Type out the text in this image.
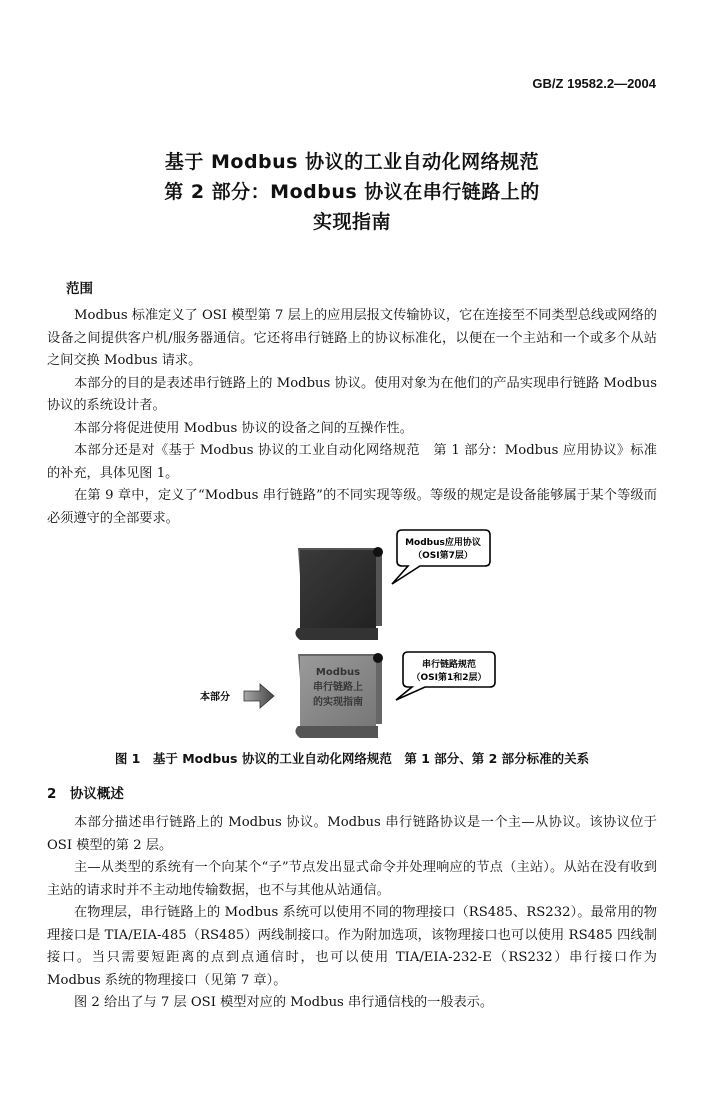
GB/Z 19582.2—2004
基于 Modbus 协议的工业自动化网络规范
第 2 部分：Modbus 协议在串行链路上的
实现指南
范围

Modbus 标准定义了 OSI 模型第 7 层上的应用层报文传输协议，它在连接至不同类型总线或网络的设备之间提供客户机/服务器通信。它还将串行链路上的协议标准化，以便在一个主站和一个或多个从站之间交换 Modbus 请求。

本部分的目的是表述串行链路上的 Modbus 协议。使用对象为在他们的产品实现串行链路 Modbus 协议的系统设计者。

本部分将促进使用 Modbus 协议的设备之间的互操作性。

本部分还是对《基于 Modbus 协议的工业自动化网络规范　第 1 部分：Modbus 应用协议》标准的补充，具体见图 1。

在第 9 章中，定义了“Modbus 串行链路”的不同实现等级。等级的规定是设备能够属于某个等级而必须遵守的全部要求。

Modbus应用协议
（OSI第7层）
Modbus
串行链路上
的实现指南
串行链路规范
（OSI第1和2层）
本部分
图 1　基于 Modbus 协议的工业自动化网络规范　第 1 部分、第 2 部分标准的关系
2　协议概述

本部分描述串行链路上的 Modbus 协议。Modbus 串行链路协议是一个主—从协议。该协议位于 OSI 模型的第 2 层。

主—从类型的系统有一个向某个“子”节点发出显式命令并处理响应的节点（主站）。从站在没有收到主站的请求时并不主动地传输数据，也不与其他从站通信。

在物理层，串行链路上的 Modbus 系统可以使用不同的物理接口（RS485、RS232）。最常用的物理接口是 TIA/EIA-485（RS485）两线制接口。作为附加选项，该物理接口也可以使用 RS485 四线制接口。当只需要短距离的点到点通信时，也可以使用 TIA/EIA-232-E（RS232）串行接口作为 Modbus 系统的物理接口（见第 7 章）。

图 2 给出了与 7 层 OSI 模型对应的 Modbus 串行通信栈的一般表示。
